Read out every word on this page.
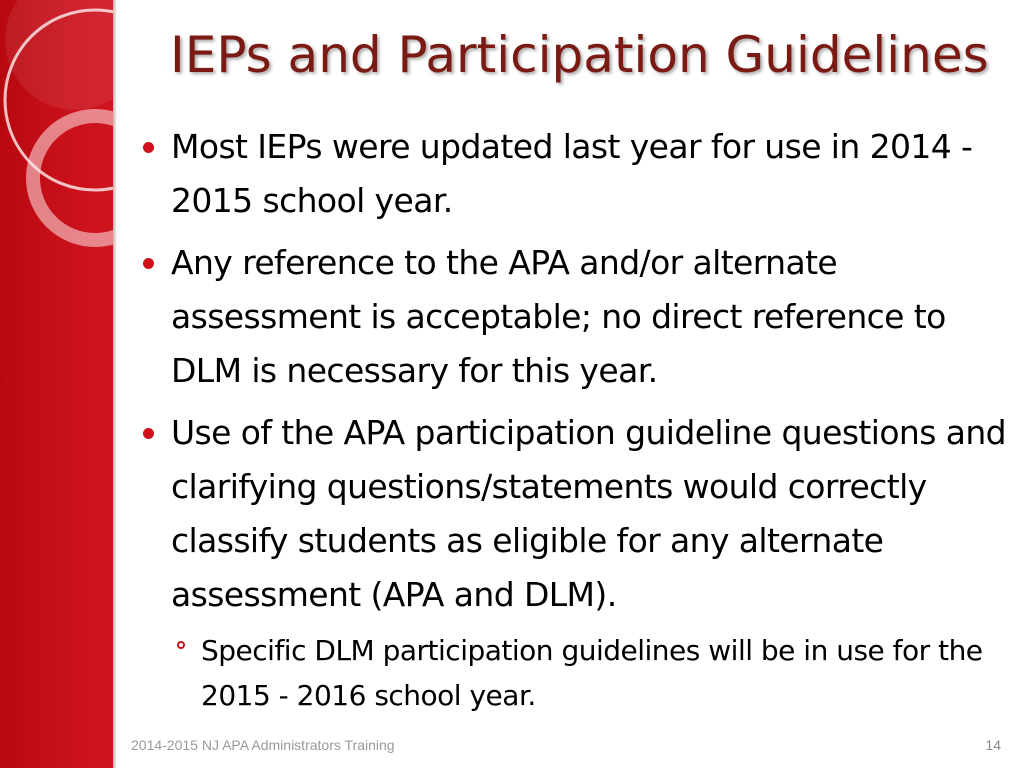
IEPs and Participation Guidelines
Most IEPs were updated last year for use in 2014 - 2015 school year.
Any reference to the APA and/or alternate assessment is acceptable; no direct reference to DLM is necessary for this year.
Use of the APA participation guideline questions and clarifying questions/statements would correctly classify students as eligible for any alternate assessment (APA and DLM).
Specific DLM participation guidelines will be in use for the 2015 - 2016 school year.
2014-2015 NJ APA Administrators Training	14
